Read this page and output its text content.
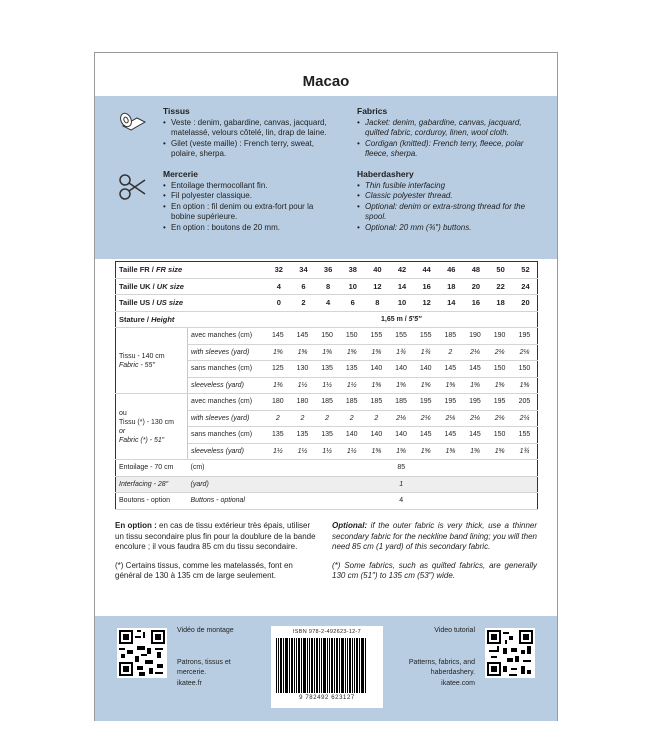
Macao
Tissus
• Veste : denim, gabardine, canvas, jacquard, matelassé, velours côtelé, lin, drap de laine.
• Gilet (veste maille) : French terry, sweat, polaire, sherpa.
Fabrics
• Jacket: denim, gabardine, canvas, jacquard, quilted fabric, corduroy, linen, wool cloth.
• Cordigan (knitted): French terry, fleece, polar fleece, sherpa.
Mercerie
• Entoilage thermocollant fin.
• Fil polyester classique.
• En option : fil denim ou extra-fort pour la bobine supérieure.
• En option : boutons de 20 mm.
Haberdashery
• Thin fusible interfacing
• Classic polyester thread.
• Optional: denim or extra-strong thread for the spool.
• Optional: 20 mm (¾″) buttons.
Taille FR / FR size		32	34	36	38	40	42	44	46	48	50	52
Taille UK / UK size		4	6	8	10	12	14	16	18	20	22	24
Taille US / US size		0	2	4	6	8	10	12	14	16	18	20
Stature / Height		1,65 m / 5′5″										
Tissu - 140 cm
Fabric - 55″	avec manches (cm)	145	145	150	150	155	155	155	185	190	190	195
	with sleeves (yard)	1⅝	1⅝	1⅝	1⅝	1⅝	1¾	1¾	2	2⅛	2⅛	2⅛
	sans manches (cm)	125	130	135	135	140	140	140	145	145	150	150
	sleeveless (yard)	1⅜	1½	1½	1½	1⅝	1⅝	1⅝	1⅝	1⅝	1⅝	1⅝
ou
Tissu (*) - 130 cm
or
Fabric (*) - 51″	avec manches (cm)	180	180	185	185	185	185	195	195	195	195	205
	with sleeves (yard)	2	2	2	2	2	2⅛	2⅛	2⅛	2⅛	2⅛	2¼
	sans manches (cm)	135	135	135	140	140	140	145	145	145	150	155
	sleeveless (yard)	1½	1½	1½	1½	1⅝	1⅝	1⅝	1⅝	1⅝	1⅝	1¾
Entoilage - 70 cm	(cm)	85										
Interfacing - 28″	(yard)	1										
Boutons - option	Buttons - optional	4										

En option : en cas de tissu extérieur très épais, utiliser un tissu secondaire plus fin pour la doublure de la bande encolure ; il vous faudra 85 cm du tissu secondaire.

(*) Certains tissus, comme les matelassés, font en général de 130 à 135 cm de large seulement.

Optional: if the outer fabric is very thick, use a thinner secondary fabric for the neckline band lining; you will then need 85 cm (1 yard) of this secondary fabric.

(*) Some fabrics, such as quilted fabrics, are generally 130 cm (51″) to 135 cm (53″) wide.

Vidéo de montage
Patrons, tissus et
mercerie.
ikatee.fr
ISBN 978-2-492623-12-7
9 782492 623127
Video tutorial
Patterns, fabrics, and
haberdashery.
ikatee.com
